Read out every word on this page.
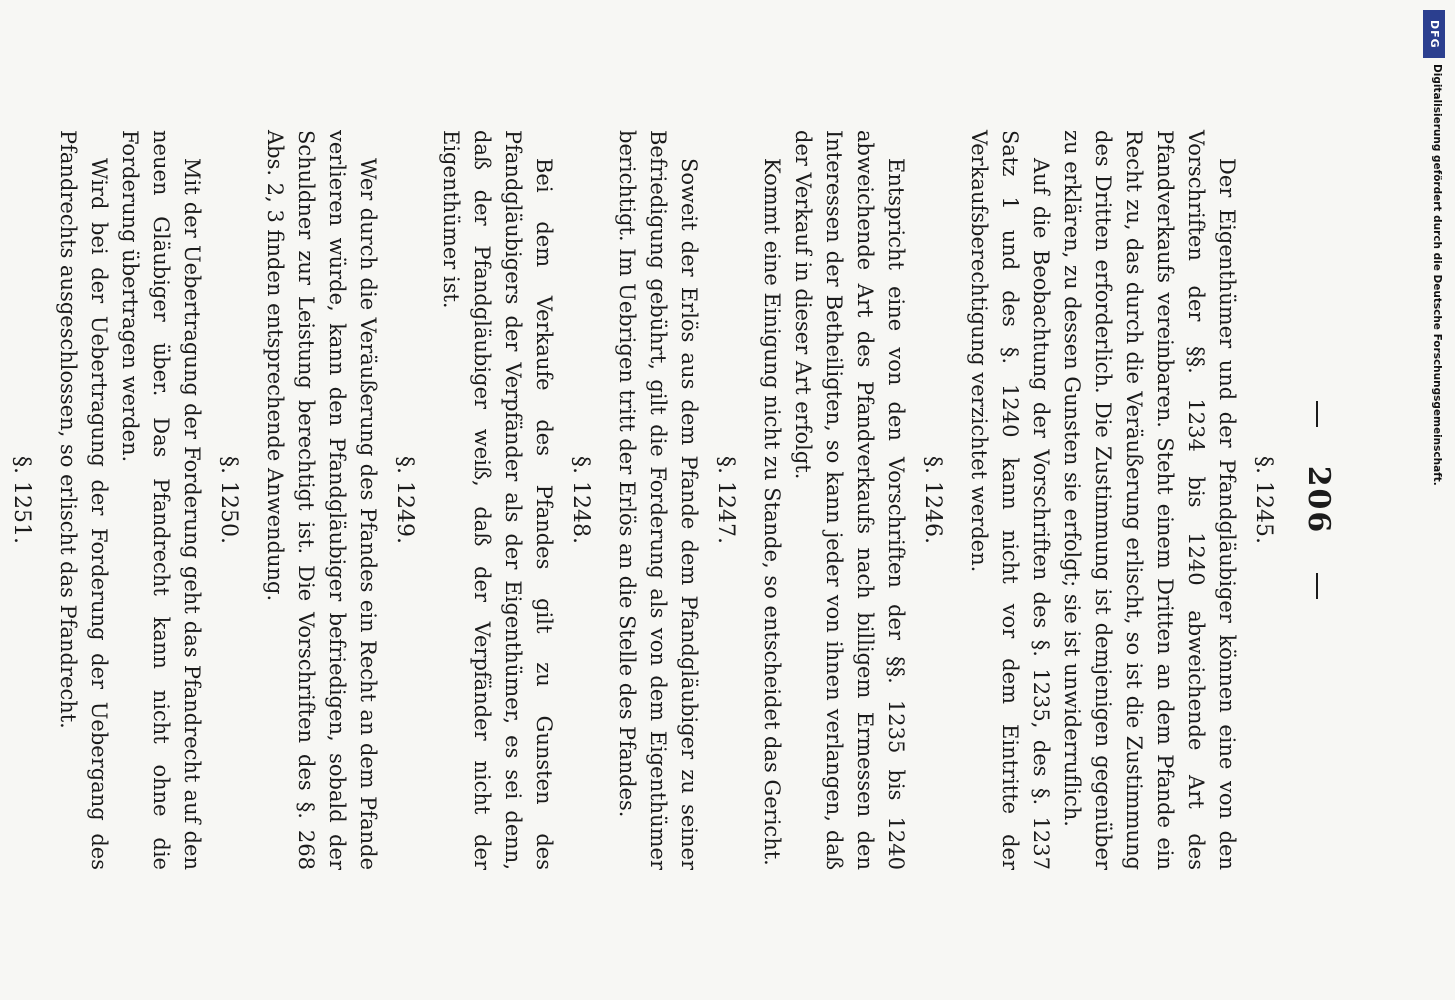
206
§. 1245.

Der Eigenthümer und der Pfandgläubiger können eine von den Vorschriften der §§. 1234 bis 1240 abweichende Art des Pfandverkaufs vereinbaren. Steht einem Dritten an dem Pfande ein Recht zu, das durch die Veräußerung erlischt, so ist die Zustimmung des Dritten erforderlich. Die Zustimmung ist demjenigen gegenüber zu erklären, zu dessen Gunsten sie erfolgt; sie ist unwiderruflich.

Auf die Beobachtung der Vorschriften des §. 1235, des §. 1237 Satz 1 und des §. 1240 kann nicht vor dem Eintritte der Verkaufsberechtigung verzichtet werden.

§. 1246.

Entspricht eine von den Vorschriften der §§. 1235 bis 1240 abweichende Art des Pfandverkaufs nach billigem Ermessen den Interessen der Betheiligten, so kann jeder von ihnen verlangen, daß der Verkauf in dieser Art erfolgt.

Kommt eine Einigung nicht zu Stande, so entscheidet das Gericht.

§. 1247.

Soweit der Erlös aus dem Pfande dem Pfandgläubiger zu seiner Befriedigung gebührt, gilt die Forderung als von dem Eigenthümer berichtigt. Im Uebrigen tritt der Erlös an die Stelle des Pfandes.

§. 1248.

Bei dem Verkaufe des Pfandes gilt zu Gunsten des Pfandgläubigers der Verpfänder als der Eigenthümer, es sei denn, daß der Pfandgläubiger weiß, daß der Verpfänder nicht der Eigenthümer ist.

§. 1249.

Wer durch die Veräußerung des Pfandes ein Recht an dem Pfande verlieren würde, kann den Pfandgläubiger befriedigen, sobald der Schuldner zur Leistung berechtigt ist. Die Vorschriften des §. 268 Abs. 2, 3 finden entsprechende Anwendung.

§. 1250.

Mit der Uebertragung der Forderung geht das Pfandrecht auf den neuen Gläubiger über. Das Pfandrecht kann nicht ohne die Forderung übertragen werden.

Wird bei der Uebertragung der Forderung der Uebergang des Pfandrechts ausgeschlossen, so erlischt das Pfandrecht.

§. 1251.

DFG
Digitalisierung gefördert durch die Deutsche Forschungsgemeinschaft.
